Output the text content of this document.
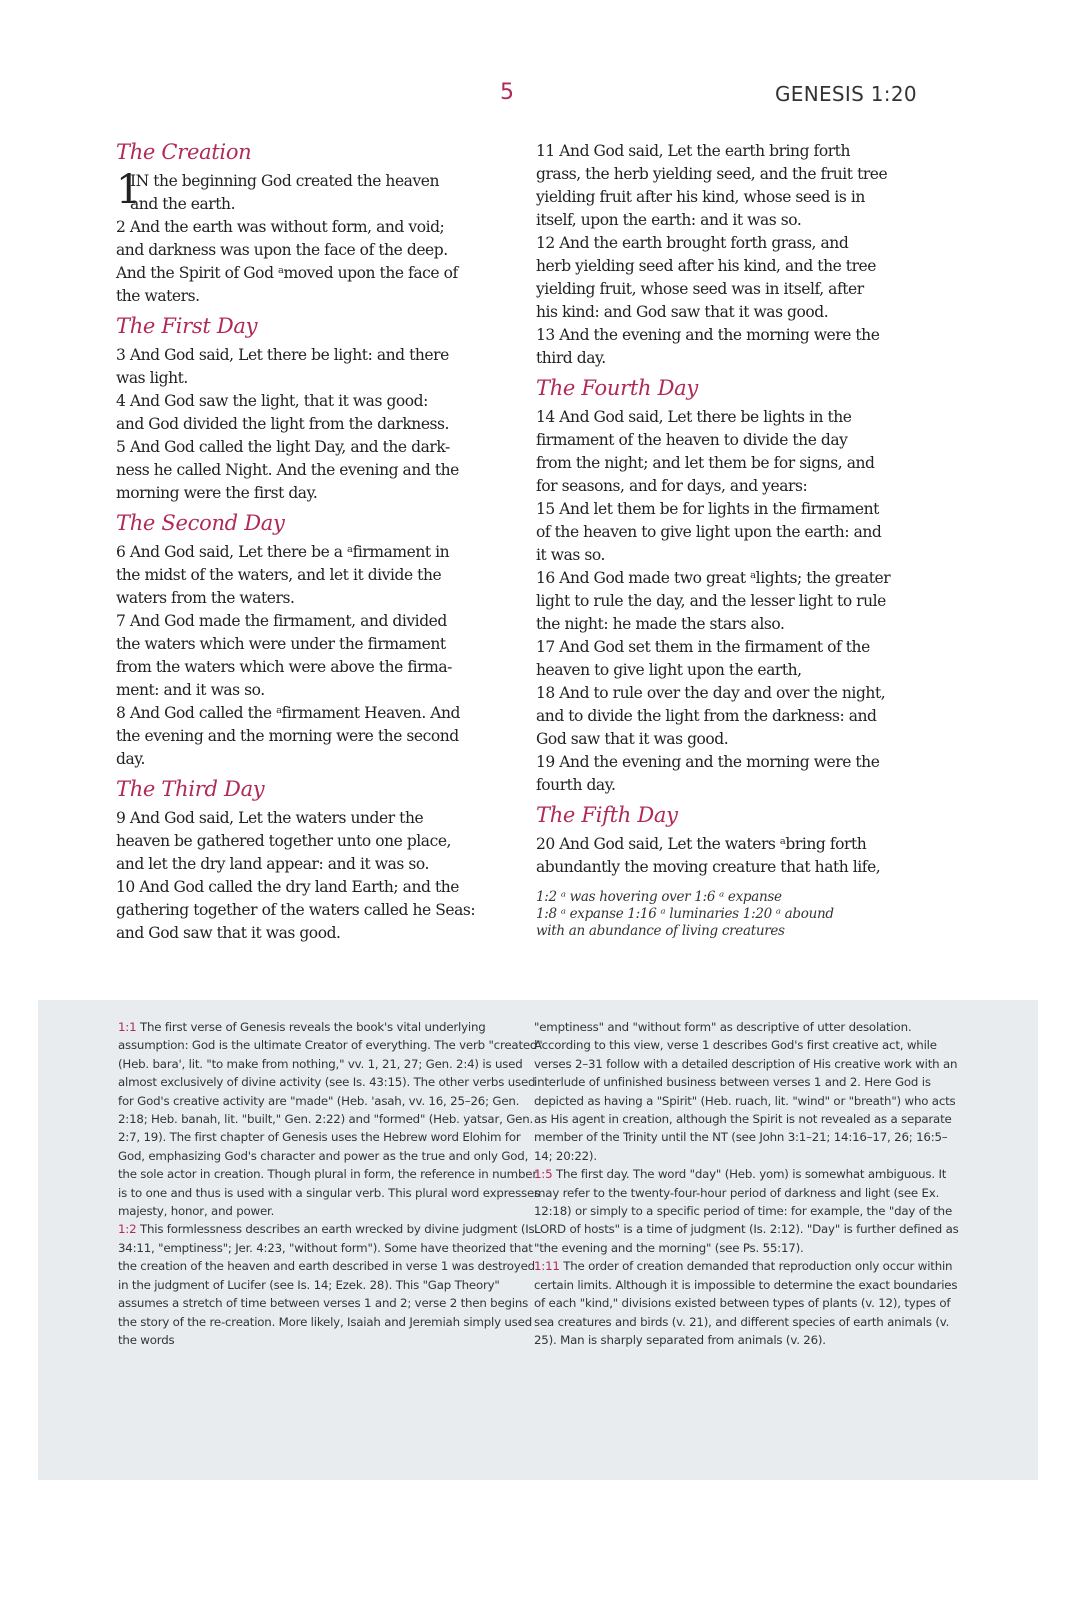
5	GENESIS 1:20
The Creation

1
IN the beginning God created the heaven
and the earth.

2 And the earth was without form, and void;
and darkness was upon the face of the deep.
And the Spirit of God ᵃmoved upon the face of
the waters.

The First Day

3 And God said, Let there be light: and there
was light.

4 And God saw the light, that it was good:
and God divided the light from the darkness.

5 And God called the light Day, and the dark-
ness he called Night. And the evening and the
morning were the first day.

The Second Day

6 And God said, Let there be a ᵃfirmament in
the midst of the waters, and let it divide the
waters from the waters.

7 And God made the firmament, and divided
the waters which were under the firmament
from the waters which were above the firma-
ment: and it was so.

8 And God called the ᵃfirmament Heaven. And
the evening and the morning were the second
day.

The Third Day

9 And God said, Let the waters under the
heaven be gathered together unto one place,
and let the dry land appear: and it was so.

10 And God called the dry land Earth; and the
gathering together of the waters called he Seas:
and God saw that it was good.

11 And God said, Let the earth bring forth
grass, the herb yielding seed, and the fruit tree
yielding fruit after his kind, whose seed is in
itself, upon the earth: and it was so.

12 And the earth brought forth grass, and
herb yielding seed after his kind, and the tree
yielding fruit, whose seed was in itself, after
his kind: and God saw that it was good.

13 And the evening and the morning were the
third day.

The Fourth Day

14 And God said, Let there be lights in the
firmament of the heaven to divide the day
from the night; and let them be for signs, and
for seasons, and for days, and years:

15 And let them be for lights in the firmament
of the heaven to give light upon the earth: and
it was so.

16 And God made two great ᵃlights; the greater
light to rule the day, and the lesser light to rule
the night: he made the stars also.

17 And God set them in the firmament of the
heaven to give light upon the earth,

18 And to rule over the day and over the night,
and to divide the light from the darkness: and
God saw that it was good.

19 And the evening and the morning were the
fourth day.

The Fifth Day

20 And God said, Let the waters ᵃbring forth
abundantly the moving creature that hath life,

1:2 ᵃ was hovering over 1:6 ᵃ expanse
1:8 ᵃ expanse 1:16 ᵃ luminaries 1:20 ᵃ abound
with an abundance of living creatures

1:1 The first verse of Genesis reveals the book's vital underlying assumption: God is the ultimate Creator of everything. The verb "created" (Heb. bara', lit. "to make from nothing," vv. 1, 21, 27; Gen. 2:4) is used almost exclusively of divine activity (see Is. 43:15). The other verbs used for God's creative activity are "made" (Heb. 'asah, vv. 16, 25–26; Gen. 2:18; Heb. banah, lit. "built," Gen. 2:22) and "formed" (Heb. yatsar, Gen. 2:7, 19). The first chapter of Genesis uses the Hebrew word Elohim for God, emphasizing God's character and power as the true and only God, the sole actor in creation. Though plural in form, the reference in number is to one and thus is used with a singular verb. This plural word expresses majesty, honor, and power.

1:2 This formlessness describes an earth wrecked by divine judgment (Is. 34:11, "emptiness"; Jer. 4:23, "without form"). Some have theorized that the creation of the heaven and earth described in verse 1 was destroyed in the judgment of Lucifer (see Is. 14; Ezek. 28). This "Gap Theory" assumes a stretch of time between verses 1 and 2; verse 2 then begins the story of the re-creation. More likely, Isaiah and Jeremiah simply used the words

"emptiness" and "without form" as descriptive of utter desolation. According to this view, verse 1 describes God's first creative act, while verses 2–31 follow with a detailed description of His creative work with an interlude of unfinished business between verses 1 and 2. Here God is depicted as having a "Spirit" (Heb. ruach, lit. "wind" or "breath") who acts as His agent in creation, although the Spirit is not revealed as a separate member of the Trinity until the NT (see John 3:1–21; 14:16–17, 26; 16:5–14; 20:22).

1:5 The first day. The word "day" (Heb. yom) is somewhat ambiguous. It may refer to the twenty-four-hour period of darkness and light (see Ex. 12:18) or simply to a specific period of time: for example, the "day of the LORD of hosts" is a time of judgment (Is. 2:12). "Day" is further defined as "the evening and the morning" (see Ps. 55:17).

1:11 The order of creation demanded that reproduction only occur within certain limits. Although it is impossible to determine the exact boundaries of each "kind," divisions existed between types of plants (v. 12), types of sea creatures and birds (v. 21), and different species of earth animals (v. 25). Man is sharply separated from animals (v. 26).
